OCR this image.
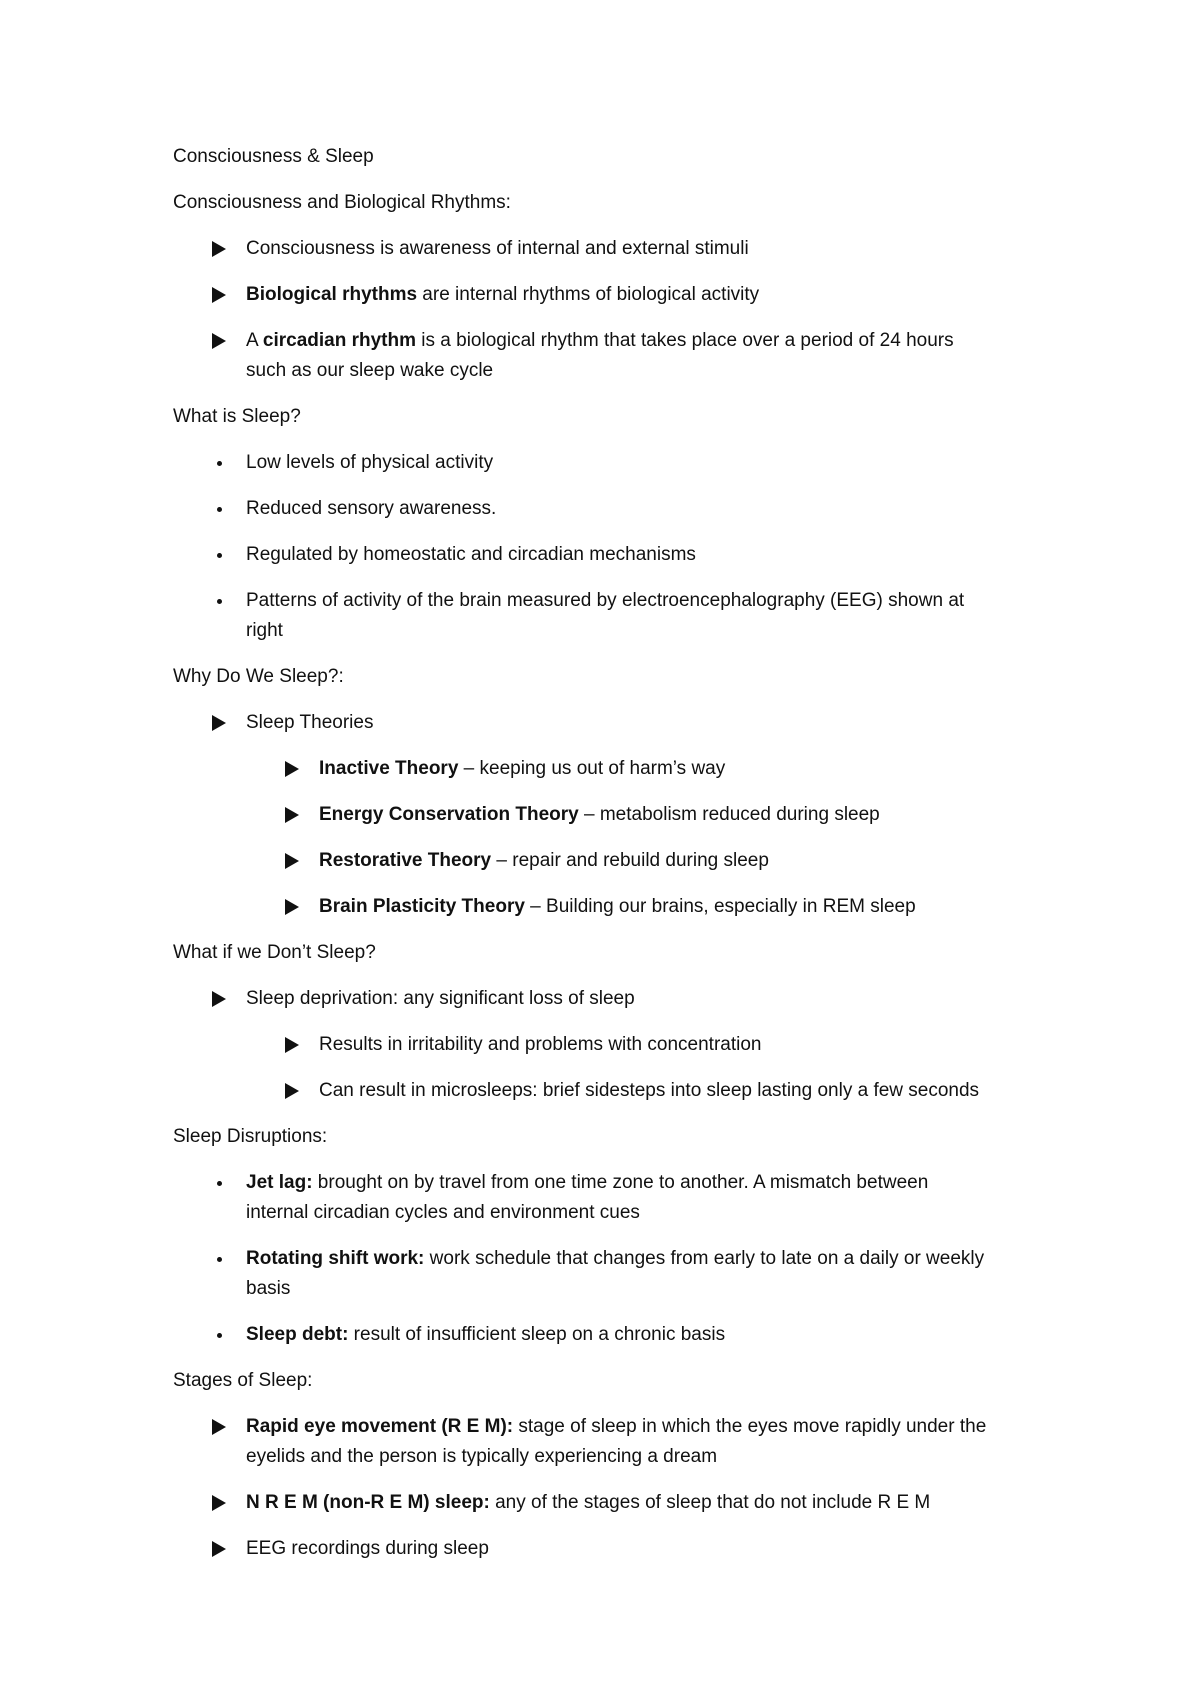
Consciousness & Sleep
Consciousness and Biological Rhythms:
Consciousness is awareness of internal and external stimuli
Biological rhythms are internal rhythms of biological activity
A circadian rhythm is a biological rhythm that takes place over a period of 24 hours
such as our sleep wake cycle
What is Sleep?
Low levels of physical activity
Reduced sensory awareness.
Regulated by homeostatic and circadian mechanisms
Patterns of activity of the brain measured by electroencephalography (EEG) shown at
right
Why Do We Sleep?:
Sleep Theories
Inactive Theory – keeping us out of harm’s way
Energy Conservation Theory – metabolism reduced during sleep
Restorative Theory – repair and rebuild during sleep
Brain Plasticity Theory – Building our brains, especially in REM sleep
What if we Don’t Sleep?
Sleep deprivation: any significant loss of sleep
Results in irritability and problems with concentration
Can result in microsleeps: brief sidesteps into sleep lasting only a few seconds
Sleep Disruptions:
Jet lag: brought on by travel from one time zone to another. A mismatch between
internal circadian cycles and environment cues
Rotating shift work: work schedule that changes from early to late on a daily or weekly
basis
Sleep debt: result of insufficient sleep on a chronic basis
Stages of Sleep:
Rapid eye movement (R E M): stage of sleep in which the eyes move rapidly under the
eyelids and the person is typically experiencing a dream
N R E M (non-R E M) sleep: any of the stages of sleep that do not include R E M
EEG recordings during sleep
